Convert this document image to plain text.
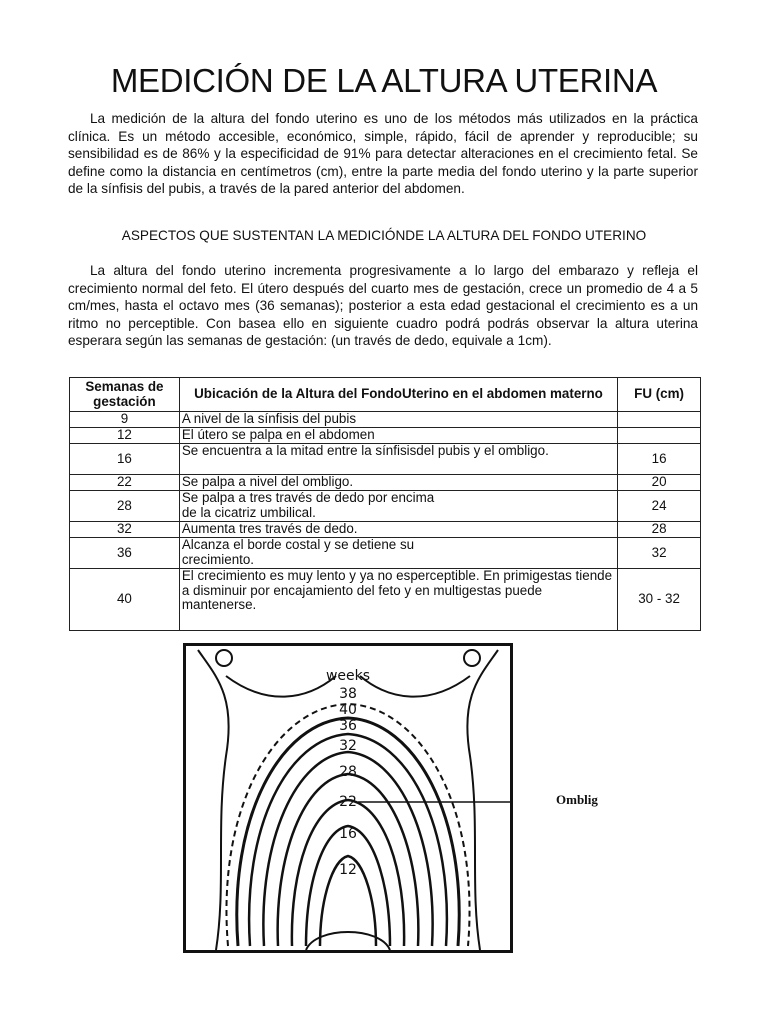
MEDICIÓN DE LA ALTURA UTERINA

La medición de la altura del fondo uterino es uno de los métodos más utilizados en la práctica clínica. Es un método accesible, económico, simple, rápido, fácil de aprender y reproducible; su sensibilidad es de 86% y la especificidad de 91% para detectar alteraciones en el crecimiento fetal. Se define como la distancia en centímetros (cm), entre la parte media del fondo uterino y la parte superior de la sínfisis del pubis, a través de la pared anterior del abdomen.

ASPECTOS QUE SUSTENTAN LA MEDICIÓNDE LA ALTURA DEL FONDO UTERINO

La altura del fondo uterino incrementa progresivamente a lo largo del embarazo y refleja el crecimiento normal del feto. El útero después del cuarto mes de gestación, crece un promedio de 4 a 5 cm/mes, hasta el octavo mes (36 semanas); posterior a esta edad gestacional el crecimiento es a un ritmo no perceptible. Con basea ello en siguiente cuadro podrá podrás observar la altura uterina esperara según las semanas de gestación: (un través de dedo, equivale a 1cm).

Semanas de gestación	Ubicación de la Altura del FondoUterino en el abdomen materno	FU (cm)
9	A nivel de la sínfisis del pubis	
12	El útero se palpa en el abdomen	
16	Se encuentra a la mitad entre la sínfisisdel pubis y el ombligo.	16
22	Se palpa a nivel del ombligo.	20
28	Se palpa a tres través de dedo por encima de la cicatriz umbilical.	24
32	Aumenta tres través de dedo.	28
36	Alcanza el borde costal y se detiene su crecimiento.	32
40	El crecimiento es muy lento y ya no esperceptible. En primigestas tiende a disminuir por encajamiento del feto y en multigestas puede mantenerse.	30 - 32
weeks
38
40
36
32
28
22
16
12
Omblig
